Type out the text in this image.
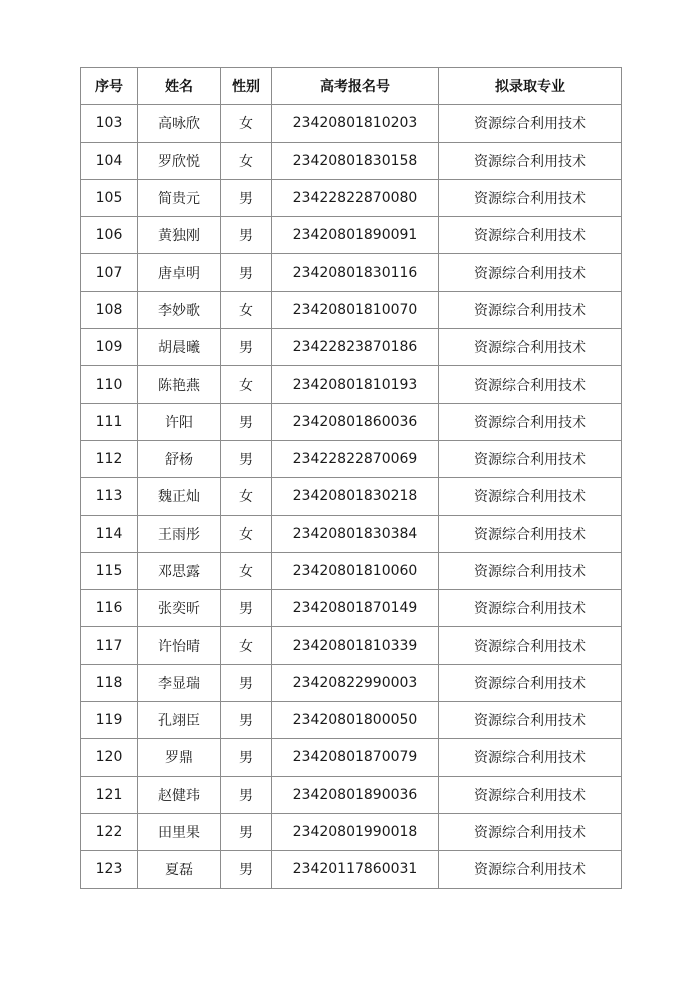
序号	姓名	性别	高考报名号	拟录取专业
103	高咏欣	女	23420801810203	资源综合利用技术
104	罗欣悦	女	23420801830158	资源综合利用技术
105	简贵元	男	23422822870080	资源综合利用技术
106	黄独刚	男	23420801890091	资源综合利用技术
107	唐卓明	男	23420801830116	资源综合利用技术
108	李妙歌	女	23420801810070	资源综合利用技术
109	胡晨曦	男	23422823870186	资源综合利用技术
110	陈艳燕	女	23420801810193	资源综合利用技术
111	许阳	男	23420801860036	资源综合利用技术
112	舒杨	男	23422822870069	资源综合利用技术
113	魏正灿	女	23420801830218	资源综合利用技术
114	王雨彤	女	23420801830384	资源综合利用技术
115	邓思露	女	23420801810060	资源综合利用技术
116	张奕昕	男	23420801870149	资源综合利用技术
117	许怡晴	女	23420801810339	资源综合利用技术
118	李显瑞	男	23420822990003	资源综合利用技术
119	孔翊臣	男	23420801800050	资源综合利用技术
120	罗鼎	男	23420801870079	资源综合利用技术
121	赵健玮	男	23420801890036	资源综合利用技术
122	田里果	男	23420801990018	资源综合利用技术
123	夏磊	男	23420117860031	资源综合利用技术
